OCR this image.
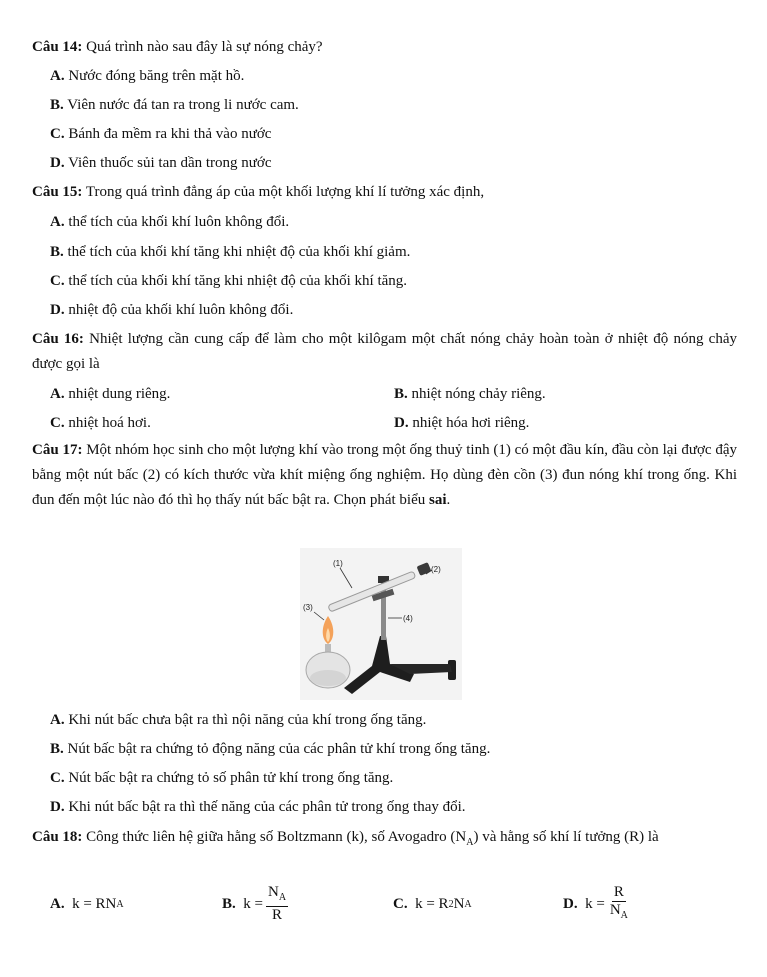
Câu 14: Quá trình nào sau đây là sự nóng chảy?
A. Nước đóng băng trên mặt hồ.
B. Viên nước đá tan ra trong li nước cam.
C. Bánh đa mềm ra khi thả vào nước
D. Viên thuốc sủi tan dần trong nước
Câu 15: Trong quá trình đẳng áp của một khối lượng khí lí tưởng xác định,
A. thể tích của khối khí luôn không đổi.
B. thể tích của khối khí tăng khi nhiệt độ của khối khí giảm.
C. thể tích của khối khí tăng khi nhiệt độ của khối khí tăng.
D. nhiệt độ của khối khí luôn không đổi.
Câu 16: Nhiệt lượng cần cung cấp để làm cho một kilôgam một chất nóng chảy hoàn toàn ở nhiệt độ nóng chảy được gọi là
A. nhiệt dung riêng.	B. nhiệt nóng chảy riêng.
C. nhiệt hoá hơi.	D. nhiệt hóa hơi riêng.
Câu 17: Một nhóm học sinh cho một lượng khí vào trong một ống thuỷ tinh (1) có một đầu kín, đầu còn lại được đậy bằng một nút bấc (2) có kích thước vừa khít miệng ống nghiệm. Họ dùng đèn cồn (3) đun nóng khí trong ống. Khi đun đến một lúc nào đó thì họ thấy nút bấc bật ra. Chọn phát biểu sai.
(1)
(2)
(3)
(4)
A. Khi nút bấc chưa bật ra thì nội năng của khí trong ống tăng.
B. Nút bấc bật ra chứng tỏ động năng của các phân tử khí trong ống tăng.
C. Nút bấc bật ra chứng tỏ số phân tử khí trong ống tăng.
D. Khi nút bấc bật ra thì thế năng của các phân tử trong ống thay đổi.
Câu 18: Công thức liên hệ giữa hằng số Boltzmann (k), số Avogadro $(N_A)$ và hằng số khí lí tưởng (R) là
A.
k = RN A	B.
$k = \frac{N_A}{R}$	C.
k = R 2 N A	D.
$k = \frac{R}{N_A}$
